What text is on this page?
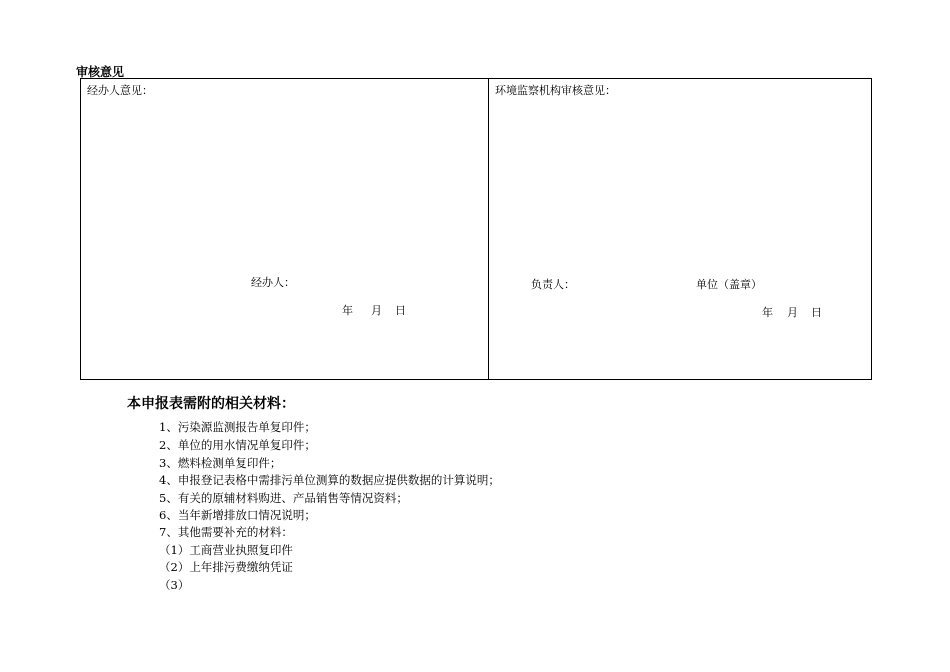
审核意见
经办人意见：
经办人：
年 月 日
环境监察机构审核意见：
负责人：	单位（盖章）
年 月 日
本申报表需附的相关材料：
1、污染源监测报告单复印件；
2、单位的用水情况单复印件；
3、燃料检测单复印件；
4、申报登记表格中需排污单位测算的数据应提供数据的计算说明；
5、有关的原辅材料购进、产品销售等情况资料；
6、当年新增排放口情况说明；
7、其他需要补充的材料：
（1）工商营业执照复印件
（2）上年排污费缴纳凭证
（3）
